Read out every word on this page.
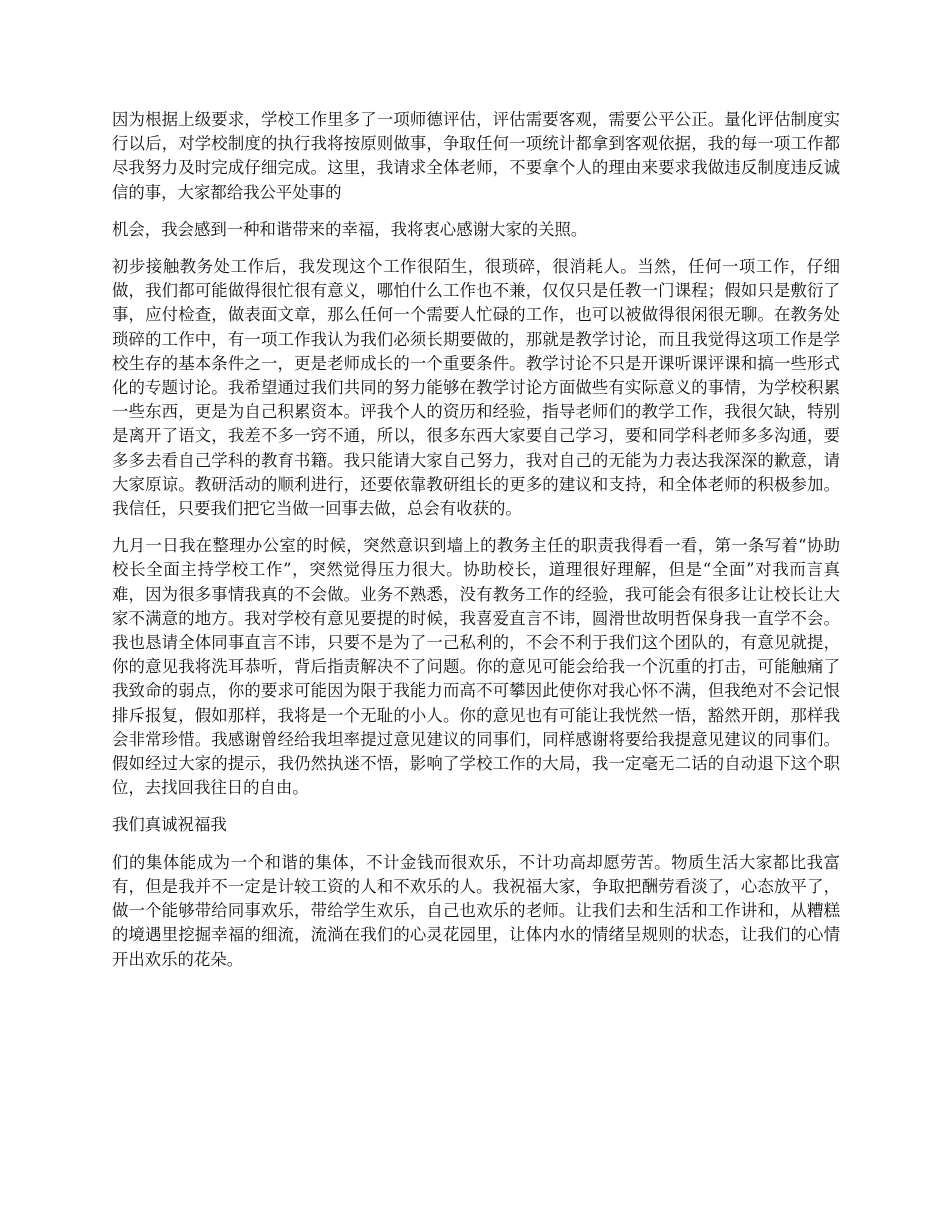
因为根据上级要求，学校工作里多了一项师德评估，评估需要客观，需要公平公正。量化评估制度实行以后，对学校制度的执行我将按原则做事，争取任何一项统计都拿到客观依据，我的每一项工作都尽我努力及时完成仔细完成。这里，我请求全体老师，不要拿个人的理由来要求我做违反制度违反诚信的事，大家都给我公平处事的

机会，我会感到一种和谐带来的幸福，我将衷心感谢大家的关照。

初步接触教务处工作后，我发现这个工作很陌生，很琐碎，很消耗人。当然，任何一项工作，仔细做，我们都可能做得很忙很有意义，哪怕什么工作也不兼，仅仅只是任教一门课程；假如只是敷衍了事，应付检查，做表面文章，那么任何一个需要人忙碌的工作，也可以被做得很闲很无聊。在教务处琐碎的工作中，有一项工作我认为我们必须长期要做的，那就是教学讨论，而且我觉得这项工作是学校生存的基本条件之一，更是老师成长的一个重要条件。教学讨论不只是开课听课评课和搞一些形式化的专题讨论。我希望通过我们共同的努力能够在教学讨论方面做些有实际意义的事情，为学校积累一些东西，更是为自己积累资本。评我个人的资历和经验，指导老师们的教学工作，我很欠缺，特别是离开了语文，我差不多一窍不通，所以，很多东西大家要自己学习，要和同学科老师多多沟通，要多多去看自己学科的教育书籍。我只能请大家自己努力，我对自己的无能为力表达我深深的歉意，请大家原谅。教研活动的顺利进行，还要依靠教研组长的更多的建议和支持，和全体老师的积极参加。我信任，只要我们把它当做一回事去做，总会有收获的。

九月一日我在整理办公室的时候，突然意识到墙上的教务主任的职责我得看一看，第一条写着“协助校长全面主持学校工作”，突然觉得压力很大。协助校长，道理很好理解，但是“全面”对我而言真难，因为很多事情我真的不会做。业务不熟悉，没有教务工作的经验，我可能会有很多让让校长让大家不满意的地方。我对学校有意见要提的时候，我喜爱直言不讳，圆滑世故明哲保身我一直学不会。我也恳请全体同事直言不讳，只要不是为了一己私利的，不会不利于我们这个团队的，有意见就提，你的意见我将洗耳恭听，背后指责解决不了问题。你的意见可能会给我一个沉重的打击，可能触痛了我致命的弱点，你的要求可能因为限于我能力而高不可攀因此使你对我心怀不满，但我绝对不会记恨排斥报复，假如那样，我将是一个无耻的小人。你的意见也有可能让我恍然一悟，豁然开朗，那样我会非常珍惜。我感谢曾经给我坦率提过意见建议的同事们，同样感谢将要给我提意见建议的同事们。假如经过大家的提示，我仍然执迷不悟，影响了学校工作的大局，我一定毫无二话的自动退下这个职位，去找回我往日的自由。

我们真诚祝福我

们的集体能成为一个和谐的集体，不计金钱而很欢乐，不计功高却愿劳苦。物质生活大家都比我富有，但是我并不一定是计较工资的人和不欢乐的人。我祝福大家，争取把酬劳看淡了，心态放平了，做一个能够带给同事欢乐，带给学生欢乐，自己也欢乐的老师。让我们去和生活和工作讲和，从糟糕的境遇里挖掘幸福的细流，流淌在我们的心灵花园里，让体内水的情绪呈规则的状态，让我们的心情开出欢乐的花朵。
